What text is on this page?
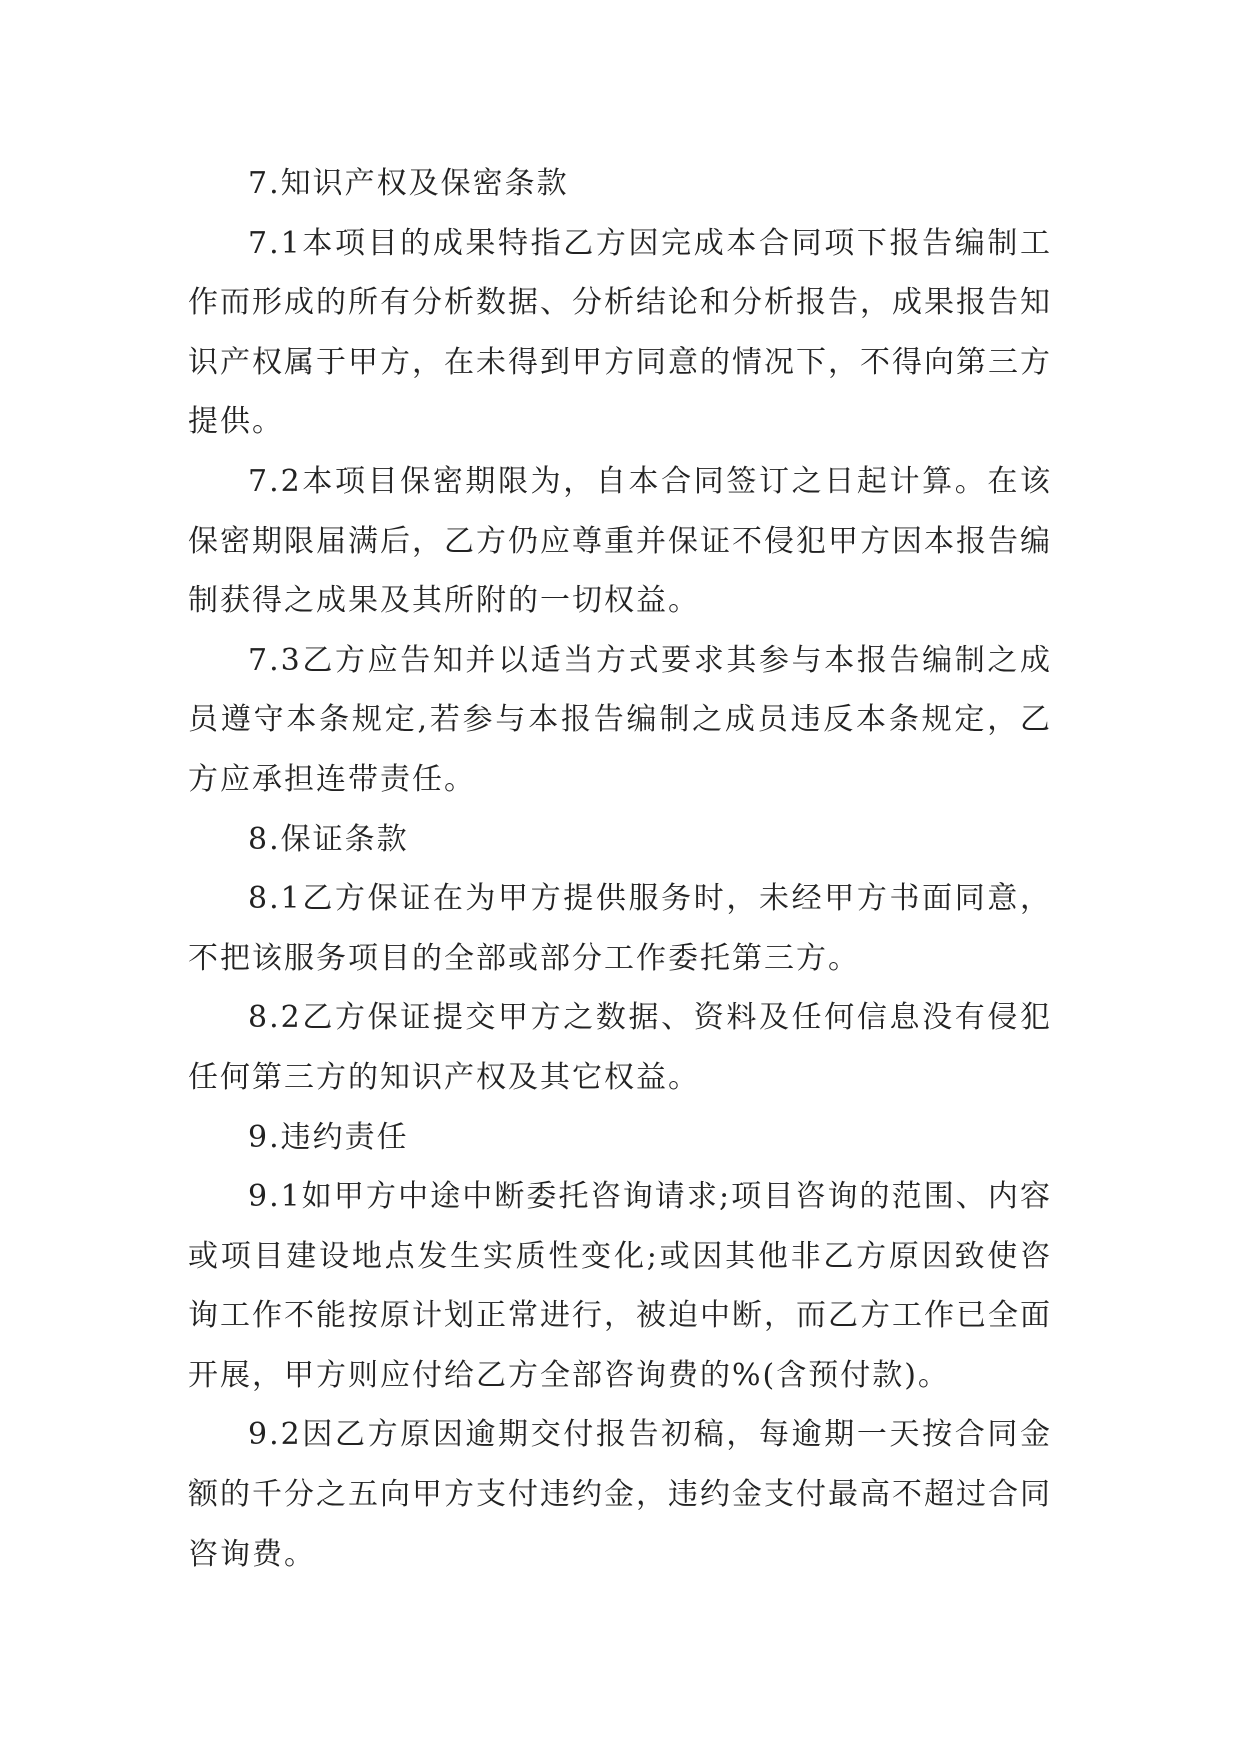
7.知识产权及保密条款

7.1本项目的成果特指乙方因完成本合同项下报告编制工作而形成的所有分析数据、分析结论和分析报告，成果报告知识产权属于甲方，在未得到甲方同意的情况下，不得向第三方提供。

7.2本项目保密期限为，自本合同签订之日起计算。在该保密期限届满后，乙方仍应尊重并保证不侵犯甲方因本报告编制获得之成果及其所附的一切权益。

7.3乙方应告知并以适当方式要求其参与本报告编制之成员遵守本条规定,若参与本报告编制之成员违反本条规定，乙方应承担连带责任。

8.保证条款

8.1乙方保证在为甲方提供服务时，未经甲方书面同意，不把该服务项目的全部或部分工作委托第三方。

8.2乙方保证提交甲方之数据、资料及任何信息没有侵犯任何第三方的知识产权及其它权益。

9.违约责任

9.1如甲方中途中断委托咨询请求;项目咨询的范围、内容或项目建设地点发生实质性变化;或因其他非乙方原因致使咨询工作不能按原计划正常进行，被迫中断，而乙方工作已全面开展，甲方则应付给乙方全部咨询费的%(含预付款)。

9.2因乙方原因逾期交付报告初稿，每逾期一天按合同金额的千分之五向甲方支付违约金，违约金支付最高不超过合同咨询费。
